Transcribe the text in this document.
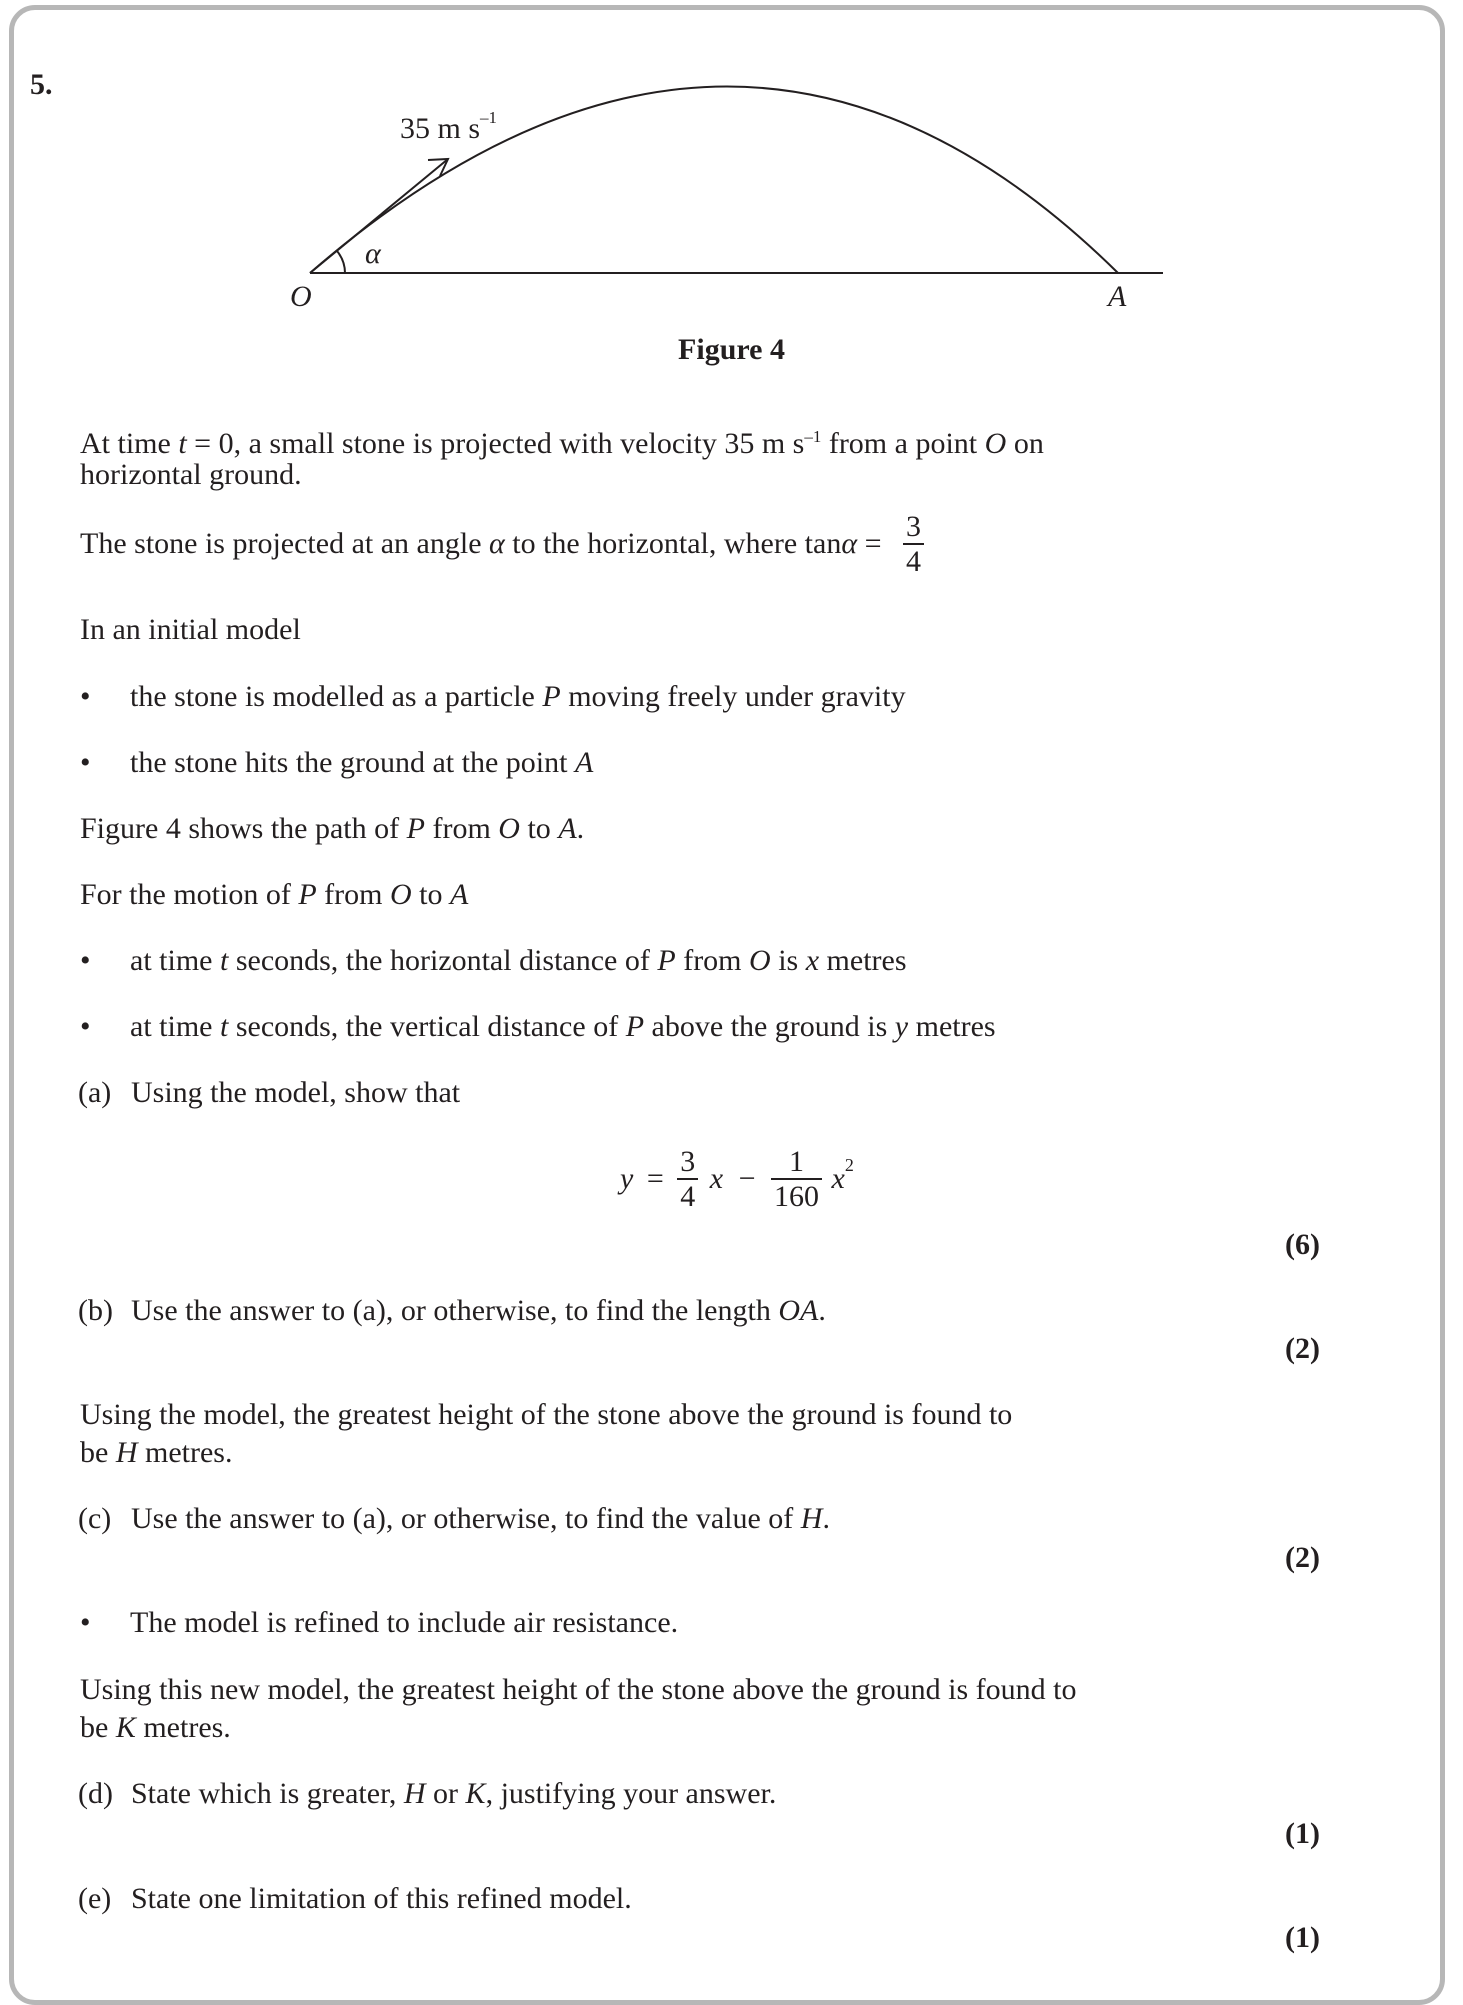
5.
35 m $s^{-1}$
α
O	A
Figure 4
At time t = 0, a small stone is projected with velocity 35 m $s^{-1}$ from a point O on
horizontal ground.
The stone is projected at an angle α to the horizontal, where $\tan\alpha = \frac{3}{4}$
In an initial model
• the stone is modelled as a particle P moving freely under gravity
• the stone hits the ground at the point A
Figure 4 shows the path of P from O to A.
For the motion of P from O to A
• at time t seconds, the horizontal distance of P from O is x metres
• at time t seconds, the vertical distance of P above the ground is y metres
(a) Using the model, show that
$y = \frac{3}{4}$ $x - \frac{1}{160} x^2$
(6)
(b) Use the answer to (a), or otherwise, to find the length OA.
(2)
Using the model, the greatest height of the stone above the ground is found to
be H metres.
(c) Use the answer to (a), or otherwise, to find the value of H.
(2)
• The model is refined to include air resistance.
Using this new model, the greatest height of the stone above the ground is found to
be K metres.
(d) State which is greater, H or K, justifying your answer.
(1)
(e) State one limitation of this refined model.
(1)
